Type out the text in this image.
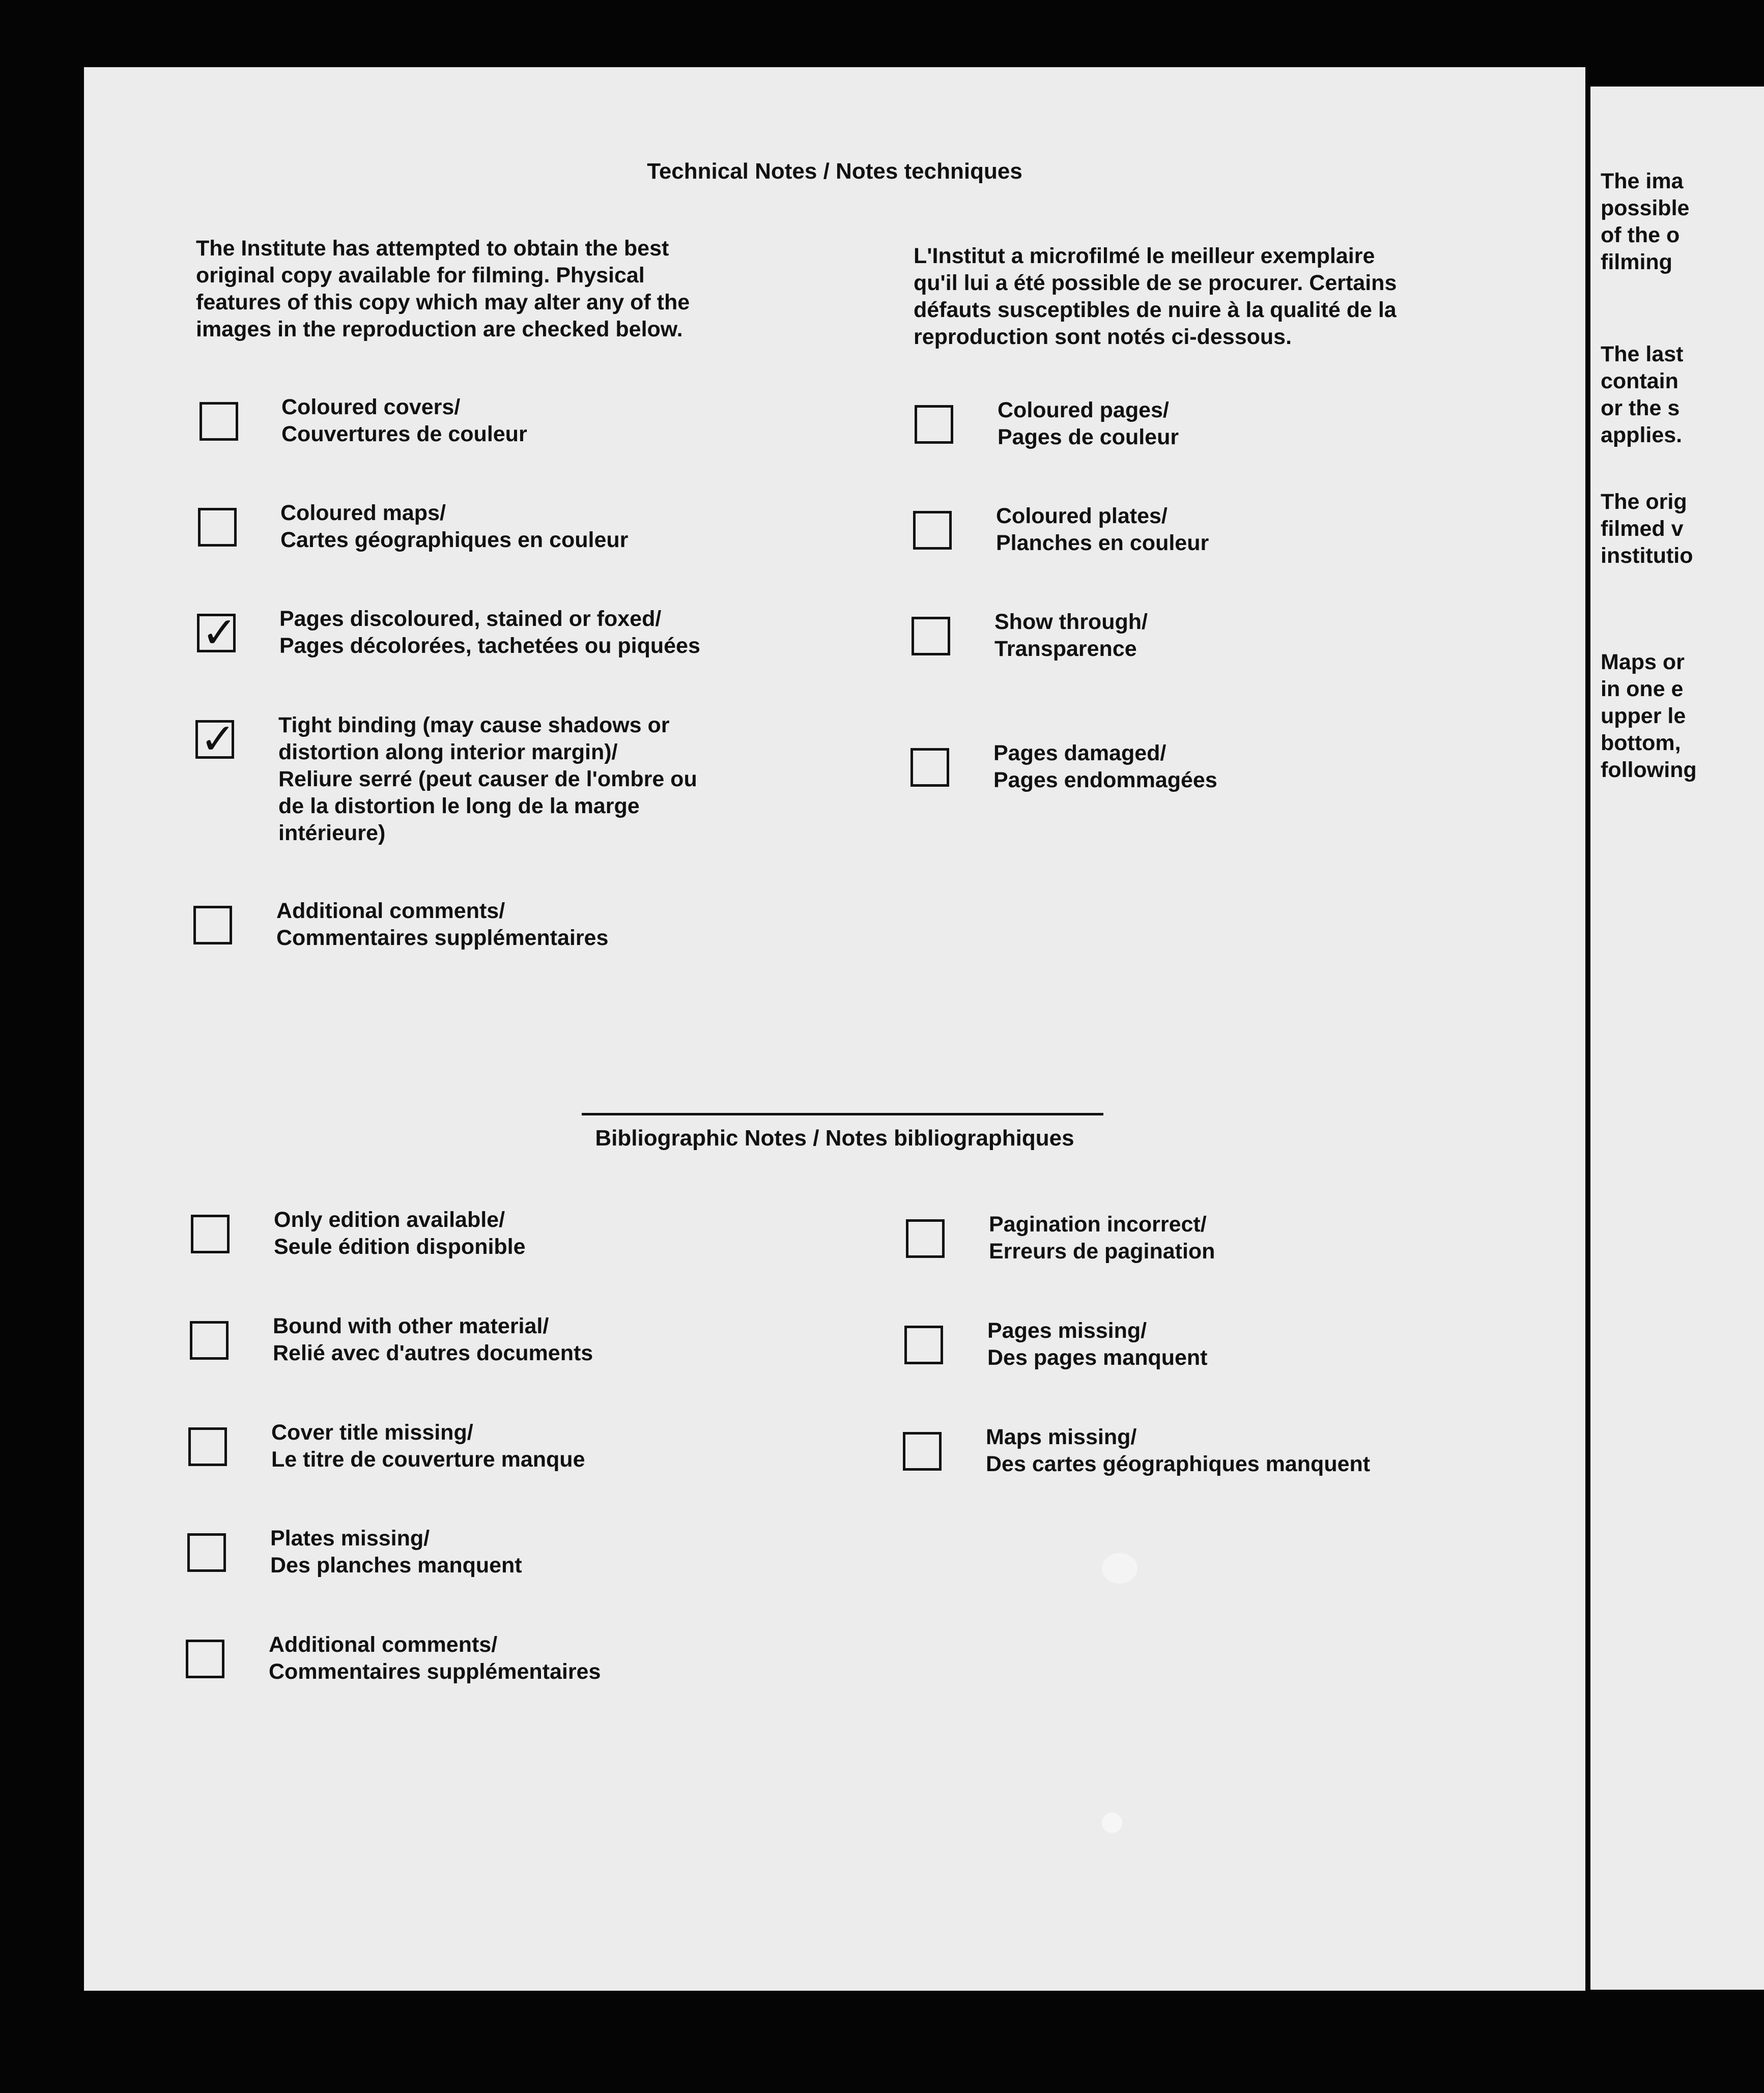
Technical Notes / Notes techniques
The Institute has attempted to obtain the best
original copy available for filming. Physical
features of this copy which may alter any of the
images in the reproduction are checked below.
L'Institut a microfilmé le meilleur exemplaire
qu'il lui a été possible de se procurer. Certains
défauts susceptibles de nuire à la qualité de la
reproduction sont notés ci-dessous.
Coloured covers/
Couvertures de couleur
Coloured maps/
Cartes géographiques en couleur
✓ Pages discoloured, stained or foxed/
Pages décolorées, tachetées ou piquées
✓ Tight binding (may cause shadows or
distortion along interior margin)/
Reliure serré (peut causer de l'ombre ou
de la distortion le long de la marge
intérieure)
Additional comments/
Commentaires supplémentaires
Coloured pages/
Pages de couleur
Coloured plates/
Planches en couleur
Show through/
Transparence
Pages damaged/
Pages endommagées
Bibliographic Notes / Notes bibliographiques
Only edition available/
Seule édition disponible
Bound with other material/
Relié avec d'autres documents
Cover title missing/
Le titre de couverture manque
Plates missing/
Des planches manquent
Additional comments/
Commentaires supplémentaires
Pagination incorrect/
Erreurs de pagination
Pages missing/
Des pages manquent
Maps missing/
Des cartes géographiques manquent
The ima
possible
of the o
filming
The last
contain
or the s
applies.
The orig
filmed v
institutio
Maps or
in one e
upper le
bottom,
following
